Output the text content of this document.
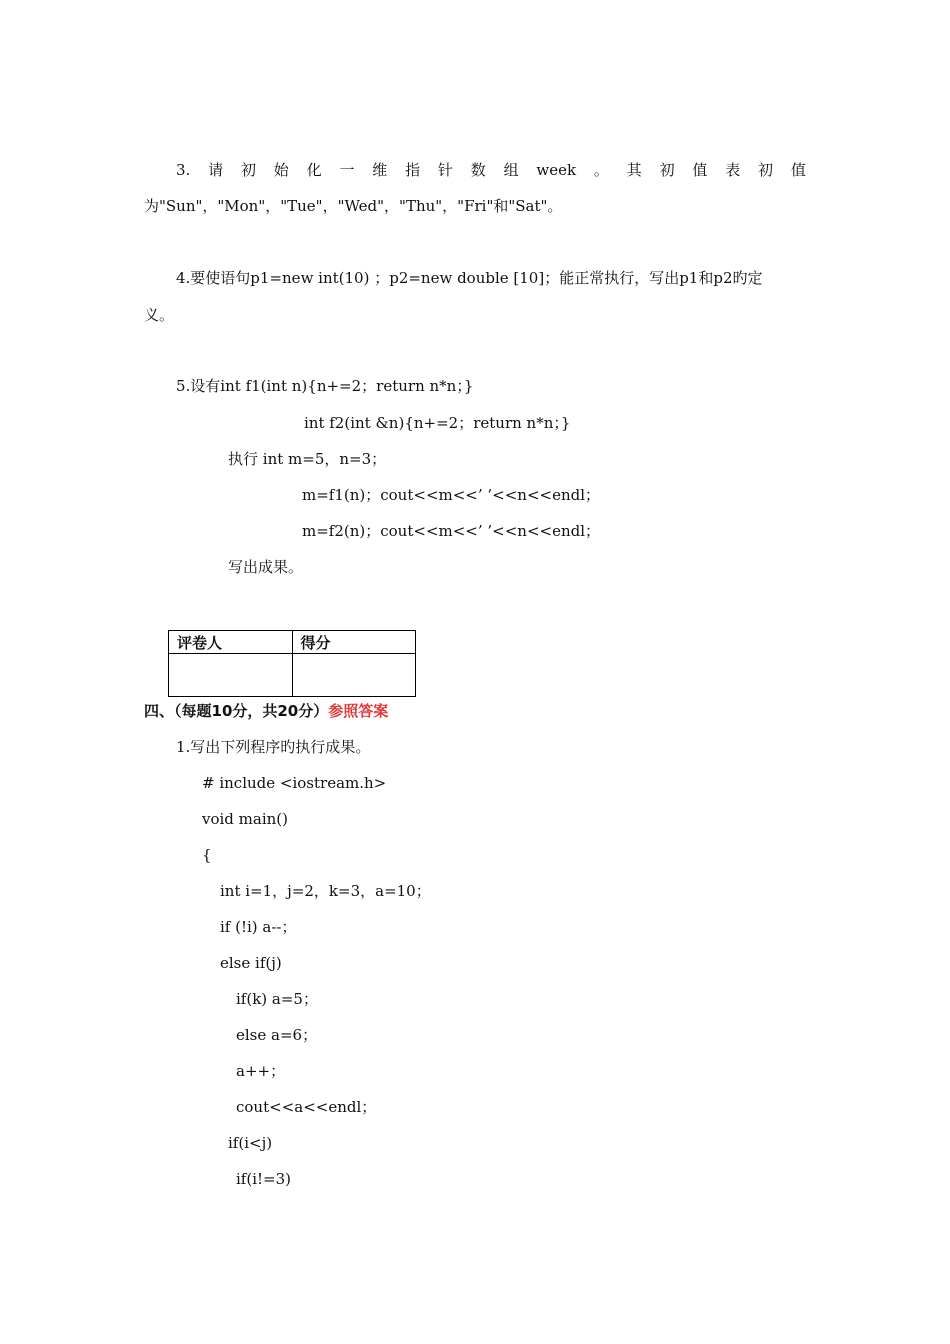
3. 请 初 始 化 一 维 指 针 数 组 week 。 其 初 值 表 初 值
为"Sun"，"Mon"，"Tue"，"Wed"，"Thu"，"Fri"和"Sat"。
4.要使语句p1=new int(10) ；p2=new double [10]；能正常执行，写出p1和p2旳定
义。
5.设有int f1(int n){n+=2；return n*n；}
int f2(int &n){n+=2；return n*n；}
执行 int m=5，n=3；
m=f1(n)；cout<<m<<’ ’<<n<<endl；
m=f2(n)；cout<<m<<’ ’<<n<<endl；
写出成果。
评卷人	得分

四、（每题10分，共20分）参照答案
1.写出下列程序旳执行成果。
# include <iostream.h>
void main()
{
int i=1，j=2，k=3，a=10；
if (!i) a--；
else if(j)
if(k) a=5；
else a=6；
a++；
cout<<a<<endl；
if(i<j)
if(i!=3)
